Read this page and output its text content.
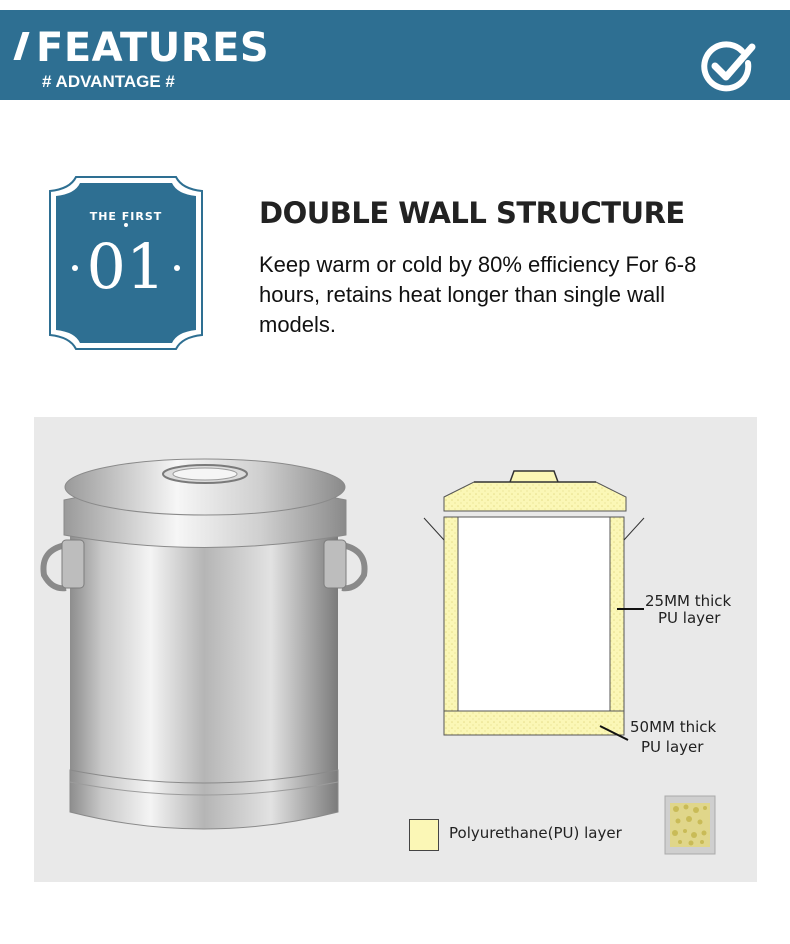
FEATURES
# ADVANTAGE #
THE FIRST
01
DOUBLE WALL STRUCTURE
Keep warm or cold by 80% efficiency For 6-8 hours, retains heat longer than single wall models.
25MM thick
PU layer
50MM thick
PU layer
Polyurethane(PU) layer
